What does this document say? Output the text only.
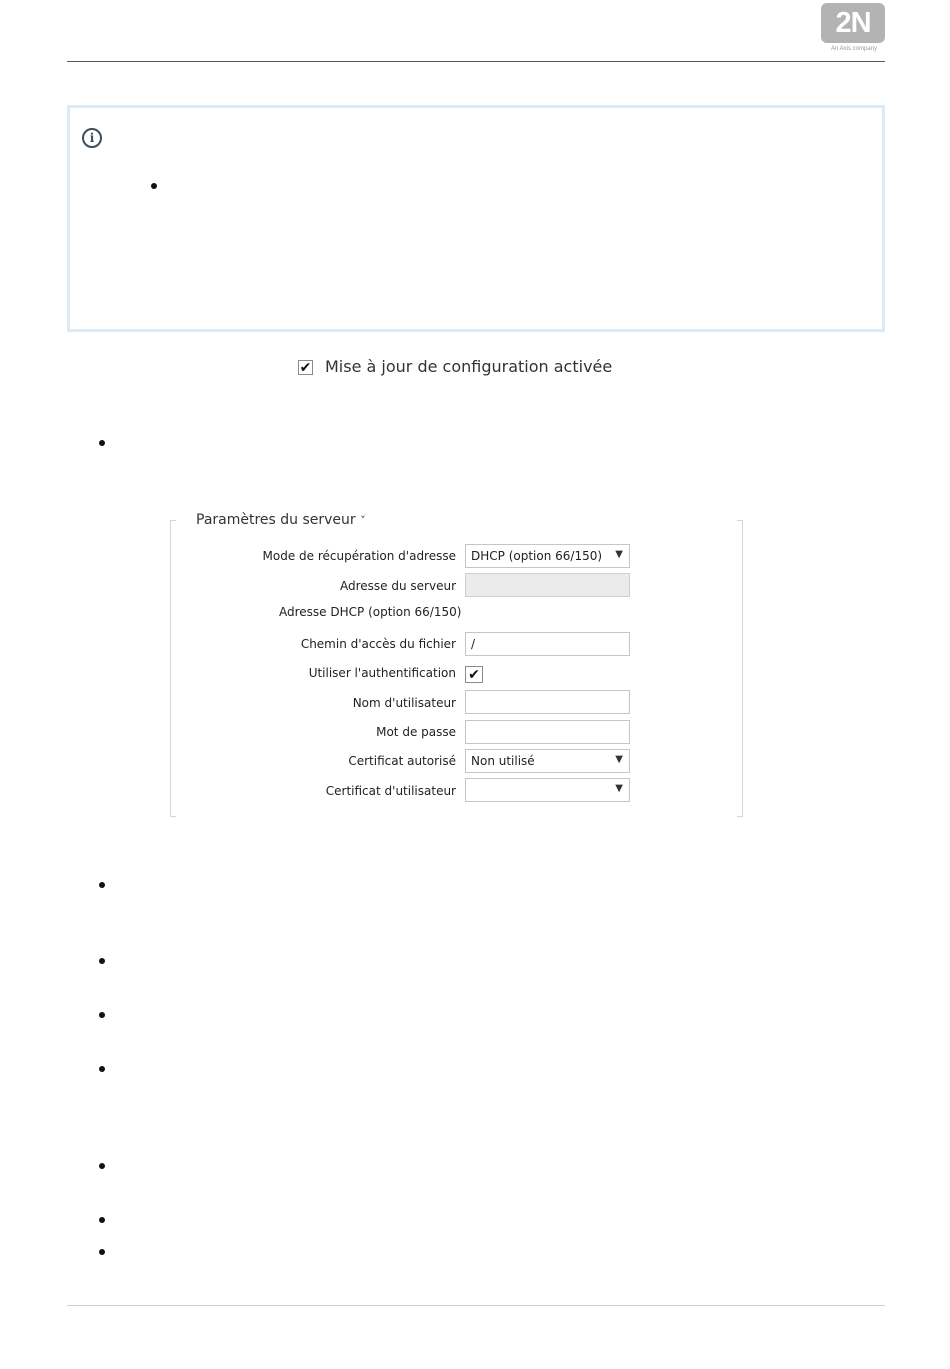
2N
An Axis company
i
✔ Mise à jour de configuration activée
Paramètres du serveur ˅
Mode de récupération d'adresse DHCP (option 66/150) ▼
Adresse du serveur
Adresse DHCP (option 66/150)
Chemin d'accès du fichier	/
Utiliser l'authentification ✔
Nom d'utilisateur
Mot de passe
Certificat autorisé Non utilisé	▼
Certificat d'utilisateur	▼
